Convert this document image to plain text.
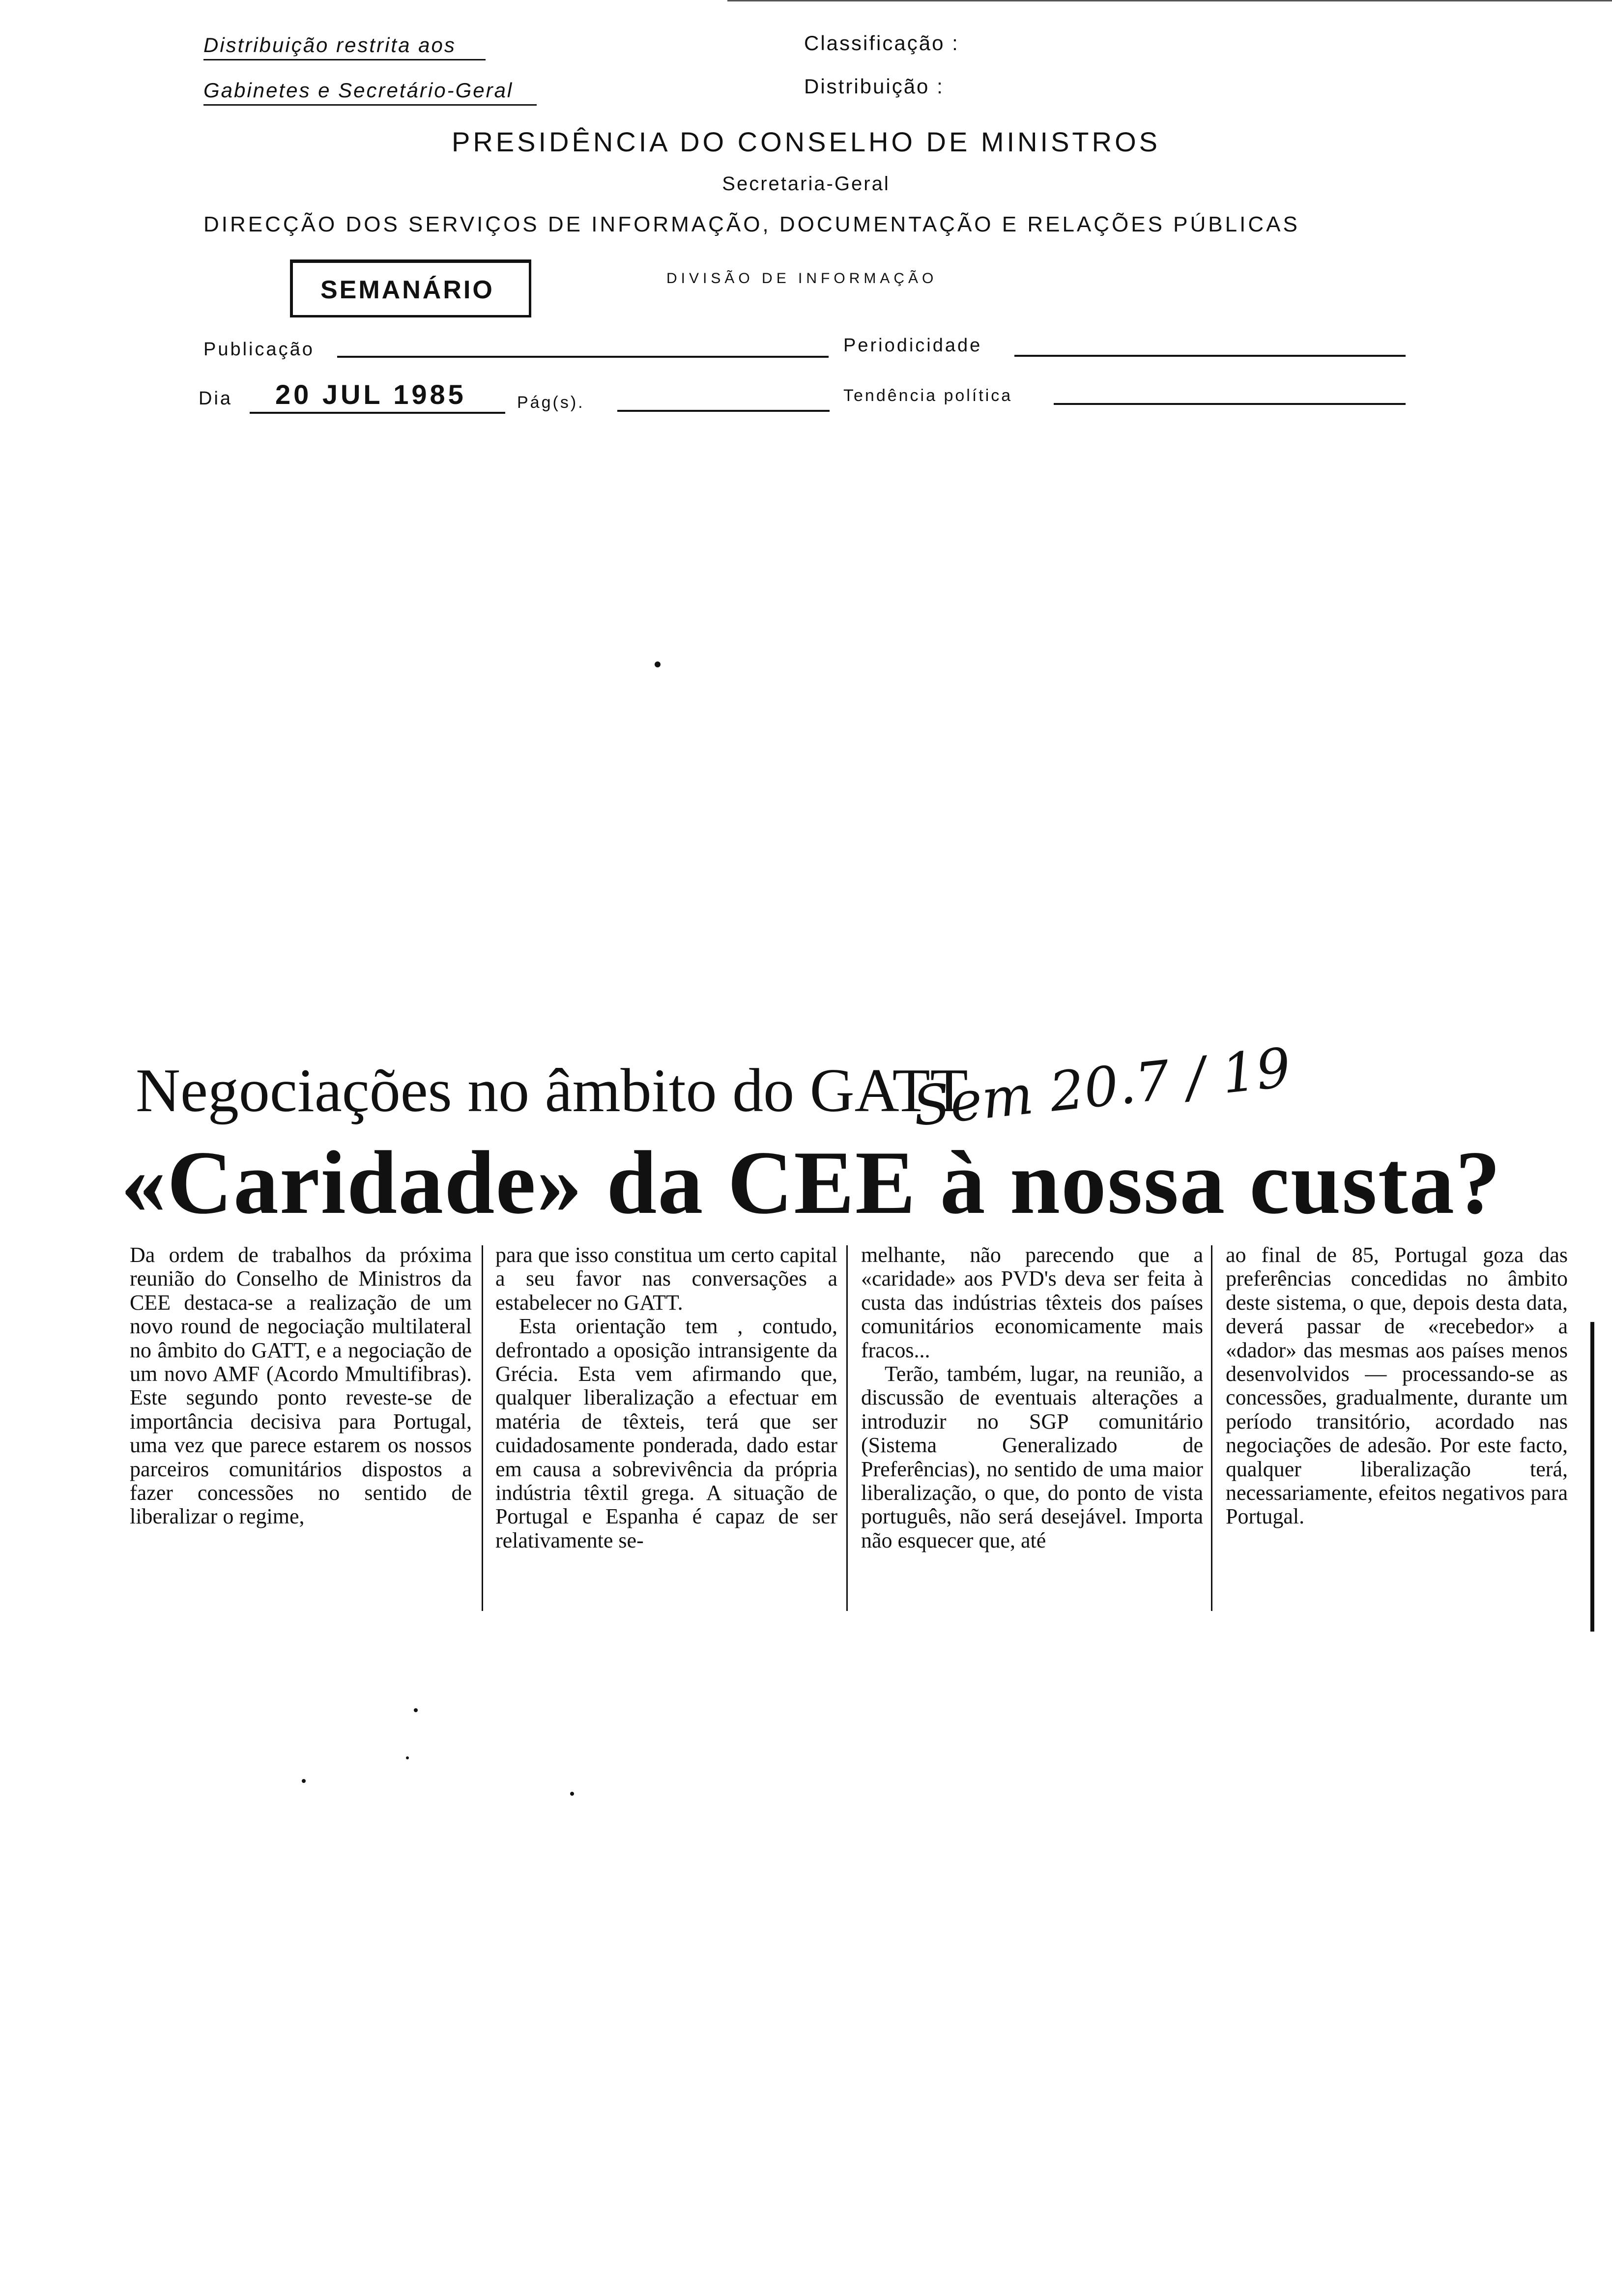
Distribuição restrita aos
Gabinetes e Secretário-Geral
Classificação :
Distribuição :
PRESIDÊNCIA DO CONSELHO DE MINISTROS
Secretaria-Geral
DIRECÇÃO DOS SERVIÇOS DE INFORMAÇÃO, DOCUMENTAÇÃO E RELAÇÕES PÚBLICAS
SEMANÁRIO	DIVISÃO DE INFORMAÇÃO
Publicação	Periodicidade
Dia 20 JUL 1985	Pág(s).	Tendência política
Negociações no âmbito do GATT
Sem 20.7 / 19
«Caridade» da CEE à nossa custa?

Da ordem de trabalhos da próxima reunião do Conselho de Ministros da CEE destaca-se a realização de um novo round de negociação multilateral no âmbito do GATT, e a negociação de um novo AMF (Acordo Mmultifibras). Este segundo ponto reveste-se de importância decisiva para Portugal, uma vez que parece estarem os nossos parceiros comunitários dispostos a fazer concessões no sentido de liberalizar o regime,

para que isso constitua um certo capital a seu favor nas conversações a estabelecer no GATT.

Esta orientação tem , contudo, defrontado a oposição intransigente da Grécia. Esta vem afirmando que, qualquer liberalização a efectuar em matéria de têxteis, terá que ser cuidadosamente ponderada, dado estar em causa a sobrevivência da própria indústria têxtil grega. A situação de Portugal e Espanha é capaz de ser relativamente se-

melhante, não parecendo que a «caridade» aos PVD's deva ser feita à custa das indústrias têxteis dos países comunitários economicamente mais fracos...

Terão, também, lugar, na reunião, a discussão de eventuais alterações a introduzir no SGP comunitário (Sistema Generalizado de Preferências), no sentido de uma maior liberalização, o que, do ponto de vista português, não será desejável. Importa não esquecer que, até

ao final de 85, Portugal goza das preferências concedidas no âmbito deste sistema, o que, depois desta data, deverá passar de «recebedor» a «dador» das mesmas aos países menos desenvolvidos — processando-se as concessões, gradualmente, durante um período transitório, acordado nas negociações de adesão. Por este facto, qualquer liberalização terá, necessariamente, efeitos negativos para Portugal.
